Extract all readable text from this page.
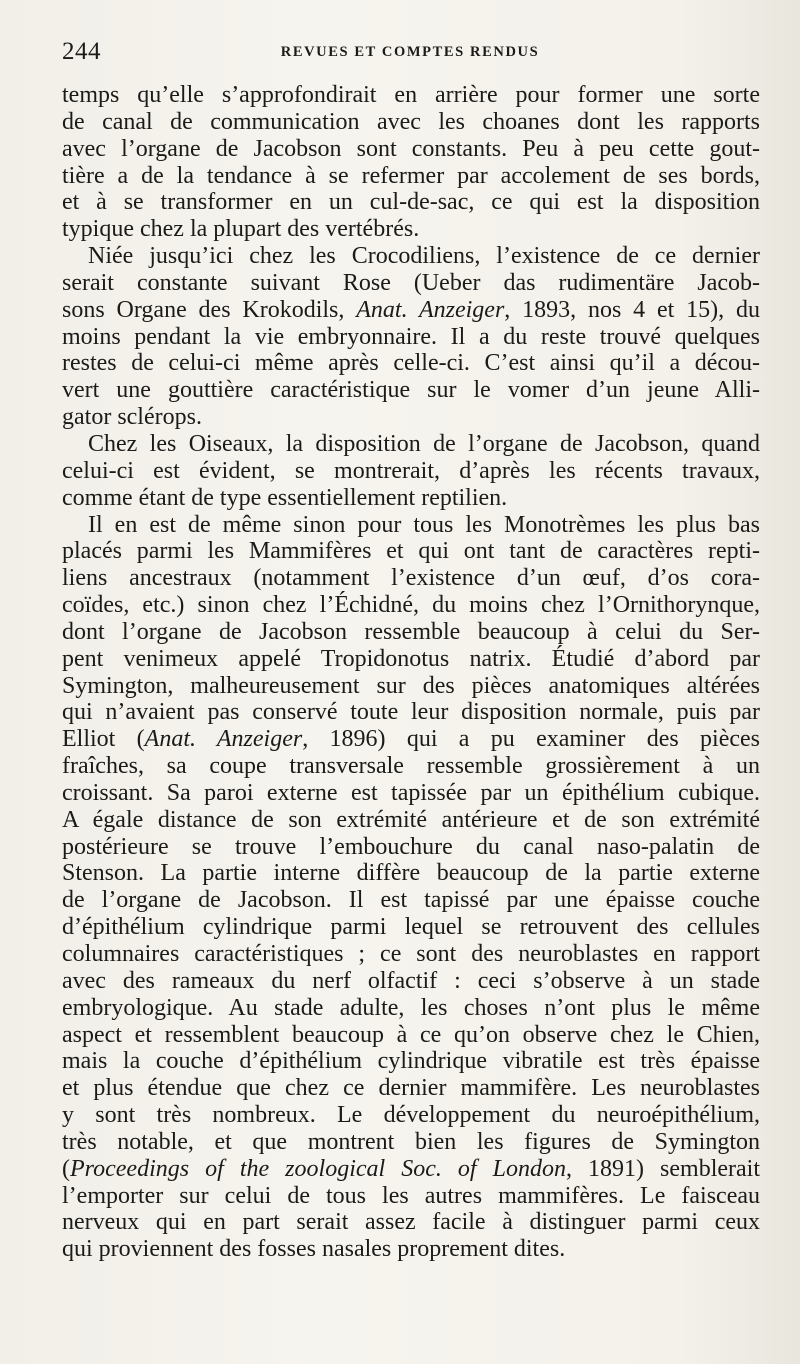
244	REVUES ET COMPTES RENDUS
temps qu’elle s’approfondirait en arrière pour former une sorte
de canal de communication avec les choanes dont les rapports
avec l’organe de Jacobson sont constants. Peu à peu cette gout-
tière a de la tendance à se refermer par accolement de ses bords,
et à se transformer en un cul-de-sac, ce qui est la disposition
typique chez la plupart des vertébrés.
Niée jusqu’ici chez les Crocodiliens, l’existence de ce dernier
serait constante suivant Rose (Ueber das rudimentäre Jacob-
sons Organe des Krokodils, Anat. Anzeiger, 1893, nos 4 et 15), du
moins pendant la vie embryonnaire. Il a du reste trouvé quelques
restes de celui-ci même après celle-ci. C’est ainsi qu’il a décou-
vert une gouttière caractéristique sur le vomer d’un jeune Alli-
gator sclérops.
Chez les Oiseaux, la disposition de l’organe de Jacobson, quand
celui-ci est évident, se montrerait, d’après les récents travaux,
comme étant de type essentiellement reptilien.
Il en est de même sinon pour tous les Monotrèmes les plus bas
placés parmi les Mammifères et qui ont tant de caractères repti-
liens ancestraux (notamment l’existence d’un œuf, d’os cora-
coïdes, etc.) sinon chez l’Échidné, du moins chez l’Ornithorynque,
dont l’organe de Jacobson ressemble beaucoup à celui du Ser-
pent venimeux appelé Tropidonotus natrix. Étudié d’abord par
Symington, malheureusement sur des pièces anatomiques altérées
qui n’avaient pas conservé toute leur disposition normale, puis par
Elliot (Anat. Anzeiger, 1896) qui a pu examiner des pièces
fraîches, sa coupe transversale ressemble grossièrement à un
croissant. Sa paroi externe est tapissée par un épithélium cubique.
A égale distance de son extrémité antérieure et de son extrémité
postérieure se trouve l’embouchure du canal naso-palatin de
Stenson. La partie interne diffère beaucoup de la partie externe
de l’organe de Jacobson. Il est tapissé par une épaisse couche
d’épithélium cylindrique parmi lequel se retrouvent des cellules
columnaires caractéristiques ; ce sont des neuroblastes en rapport
avec des rameaux du nerf olfactif : ceci s’observe à un stade
embryologique. Au stade adulte, les choses n’ont plus le même
aspect et ressemblent beaucoup à ce qu’on observe chez le Chien,
mais la couche d’épithélium cylindrique vibratile est très épaisse
et plus étendue que chez ce dernier mammifère. Les neuroblastes
y sont très nombreux. Le développement du neuroépithélium,
très notable, et que montrent bien les figures de Symington
(Proceedings of the zoological Soc. of London, 1891) semblerait
l’emporter sur celui de tous les autres mammifères. Le faisceau
nerveux qui en part serait assez facile à distinguer parmi ceux
qui proviennent des fosses nasales proprement dites.
